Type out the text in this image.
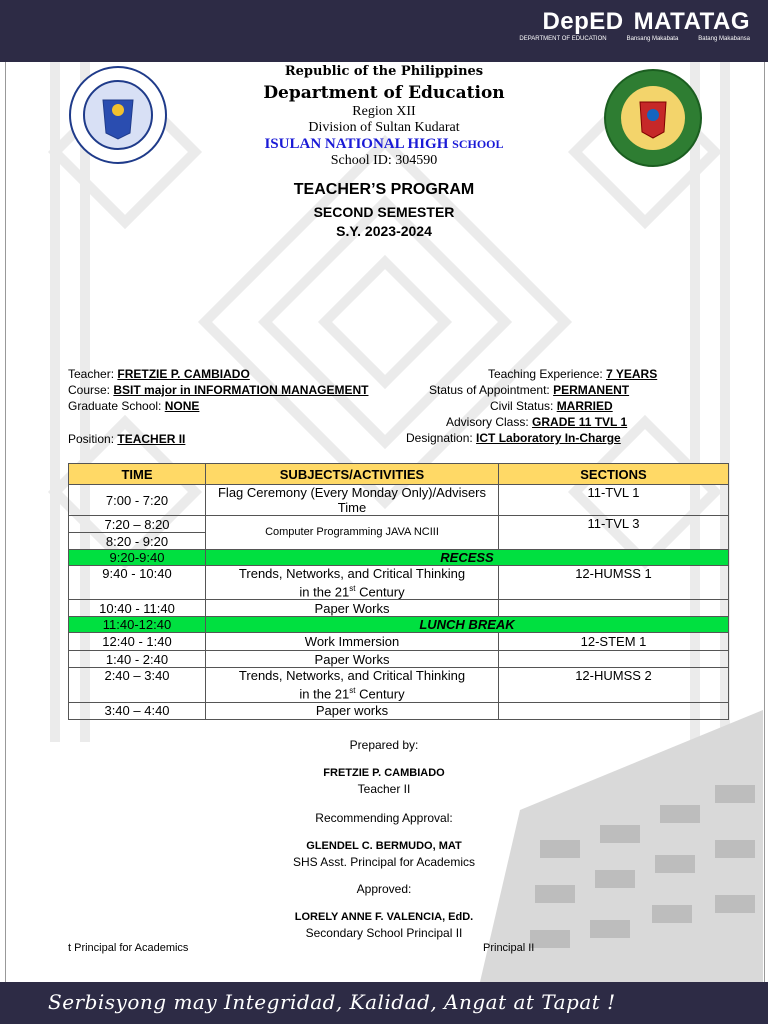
DepED MATATAG
DEPARTMENT OF EDUCATION	Bansang Makabata	Batang Makabansa
Republic of the Philippines
Department of Education
Region XII
Division of Sultan Kudarat
ISULAN NATIONAL HIGH SCHOOL
School ID: 304590
TEACHER’S PROGRAM
SECOND SEMESTER
S.Y. 2023-2024
Teacher: FRETZIE P. CAMBIADO
Course: BSIT major in INFORMATION MANAGEMENT
Graduate School: NONE
Position: TEACHER II
Teaching Experience: 7 YEARS
Status of Appointment: PERMANENT
Civil Status: MARRIED
Advisory Class: GRADE 11 TVL 1
Designation: ICT Laboratory In-Charge
TIME	SUBJECTS/ACTIVITIES	SECTIONS
7:00 - 7:20	Flag Ceremony (Every Monday Only)/Advisers Time	11-TVL 1
7:20 – 8:20	Computer Programming JAVA NCIII	11-TVL 3
8:20 - 9:20		
9:20-9:40	RECESS	
9:40 - 10:40	Trends, Networks, and Critical Thinking
in the 21st Century	12-HUMSS 1
10:40 - 11:40	Paper Works	
11:40-12:40	LUNCH BREAK	
12:40 - 1:40	Work Immersion	12-STEM 1
1:40 - 2:40	Paper Works	
2:40 – 3:40	Trends, Networks, and Critical Thinking
in the 21st Century	12-HUMSS 2
3:40 – 4:40	Paper works	
Prepared by:
FRETZIE P. CAMBIADO
Teacher II
Recommending Approval:
GLENDEL C. BERMUDO, MAT
SHS Asst. Principal for Academics
Approved:
LORELY ANNE F. VALENCIA, EdD.
Secondary School Principal II
t Principal for Academics	Principal II
Serbisyong may Integridad, Kalidad, Angat at Tapat !
